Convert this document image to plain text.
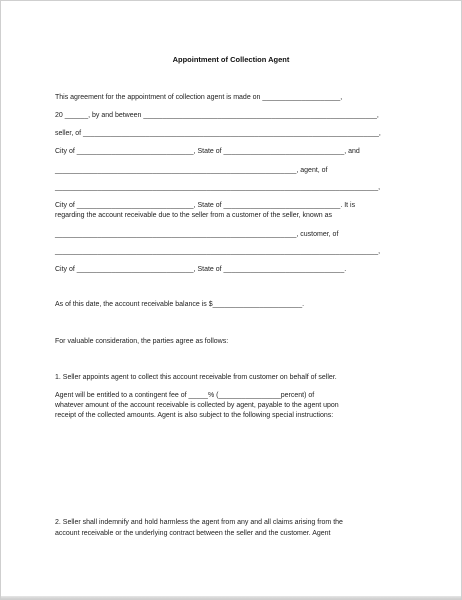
Appointment of Collection Agent
This agreement for the appointment of collection agent is made on ____________________,
20 ______, by and between ____________________________________________________________,
seller, of ____________________________________________________________________________,
City of ______________________________, State of _______________________________, and
______________________________________________________________, agent, of
___________________________________________________________________________________,
City of ______________________________, State of ______________________________. It is
regarding the account receivable due to the seller from a customer of the seller, known as
______________________________________________________________, customer, of
___________________________________________________________________________________,
City of ______________________________, State of _______________________________.
As of this date, the account receivable balance is $_______________________.
For valuable consideration, the parties agree as follows:
1. Seller appoints agent to collect this account receivable from customer on behalf of seller.
Agent will be entitled to a contingent fee of _____% (________________percent) of
whatever amount of the account receivable is collected by agent, payable to the agent upon
receipt of the collected amounts. Agent is also subject to the following special instructions:
2. Seller shall indemnify and hold harmless the agent from any and all claims arising from the
account receivable or the underlying contract between the seller and the customer. Agent
